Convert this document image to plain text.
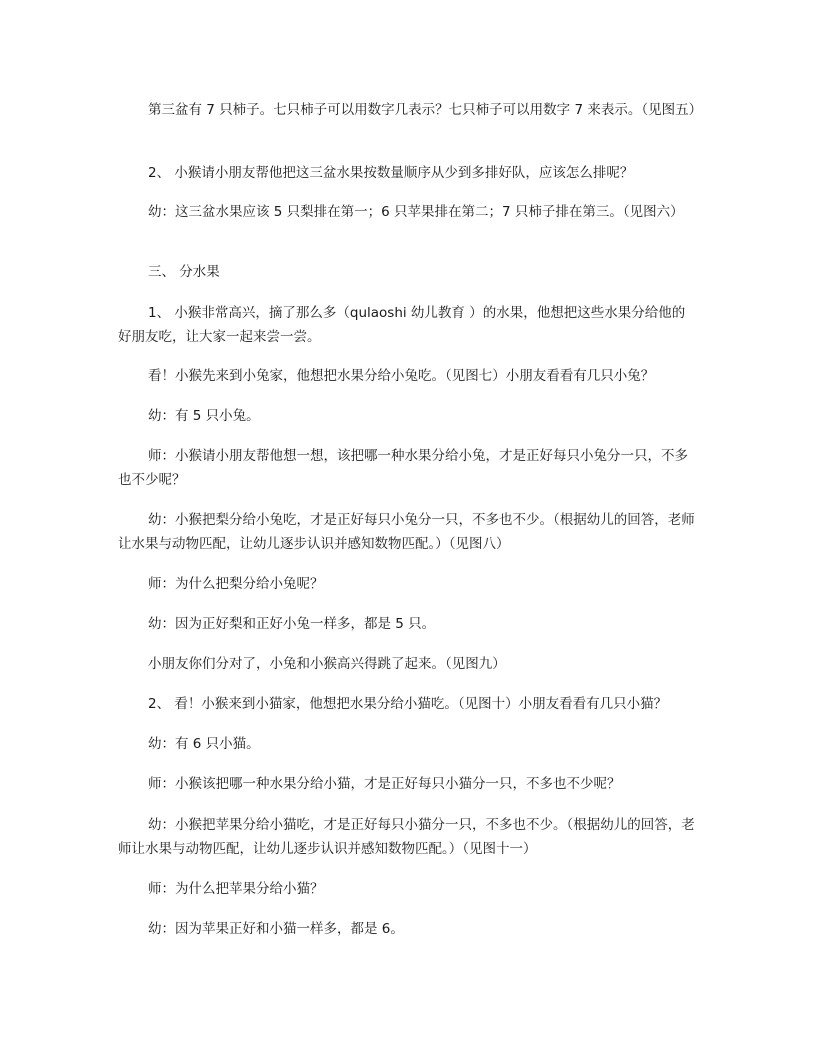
第三盆有 7 只柿子。七只柿子可以用数字几表示？七只柿子可以用数字 7 来表示。（见图五）

2、 小猴请小朋友帮他把这三盆水果按数量顺序从少到多排好队，应该怎么排呢？

幼：这三盆水果应该 5 只梨排在第一；6 只苹果排在第二；7 只柿子排在第三。（见图六）

三、 分水果

1、 小猴非常高兴，摘了那么多（qulaoshi 幼儿教育 ）的水果，他想把这些水果分给他的好朋友吃，让大家一起来尝一尝。

看！小猴先来到小兔家，他想把水果分给小兔吃。（见图七）小朋友看看有几只小兔？

幼：有 5 只小兔。

师：小猴请小朋友帮他想一想，该把哪一种水果分给小兔，才是正好每只小兔分一只，不多也不少呢？

幼：小猴把梨分给小兔吃，才是正好每只小兔分一只，不多也不少。（根据幼儿的回答，老师让水果与动物匹配，让幼儿逐步认识并感知数物匹配。）（见图八）

师：为什么把梨分给小兔呢？

幼：因为正好梨和正好小兔一样多，都是 5 只。

小朋友你们分对了，小兔和小猴高兴得跳了起来。（见图九）

2、 看！小猴来到小猫家，他想把水果分给小猫吃。（见图十）小朋友看看有几只小猫？

幼：有 6 只小猫。

师：小猴该把哪一种水果分给小猫，才是正好每只小猫分一只，不多也不少呢？

幼：小猴把苹果分给小猫吃，才是正好每只小猫分一只，不多也不少。（根据幼儿的回答，老师让水果与动物匹配，让幼儿逐步认识并感知数物匹配。）（见图十一）

师：为什么把苹果分给小猫？

幼：因为苹果正好和小猫一样多，都是 6。
